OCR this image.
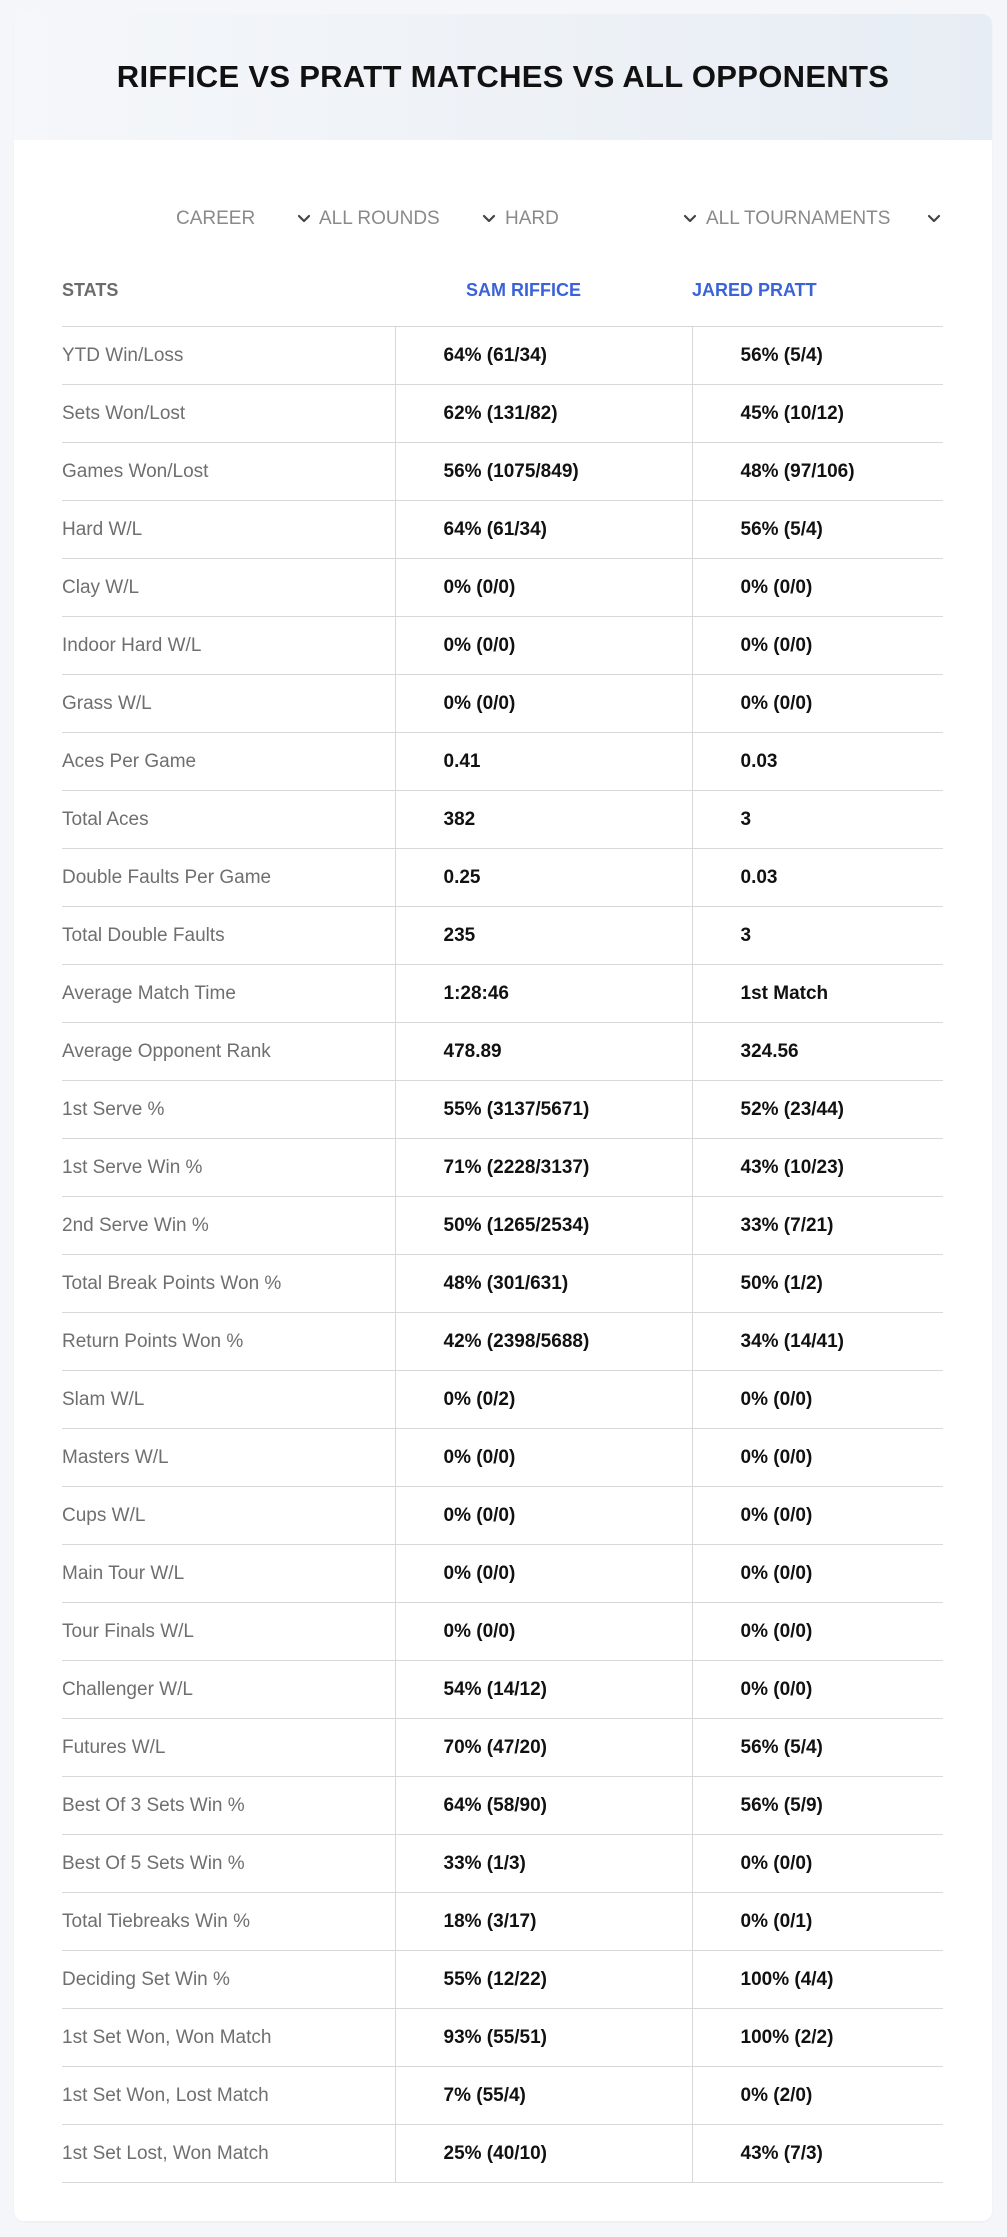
RIFFICE VS PRATT MATCHES VS ALL OPPONENTS
CAREER	ALL ROUNDS	HARD	ALL TOURNAMENTS
STATS	SAM RIFFICE	JARED PRATT
YTD Win/Loss	64% (61/34)	56% (5/4)
Sets Won/Lost	62% (131/82)	45% (10/12)
Games Won/Lost	56% (1075/849)	48% (97/106)
Hard W/L	64% (61/34)	56% (5/4)
Clay W/L	0% (0/0)	0% (0/0)
Indoor Hard W/L	0% (0/0)	0% (0/0)
Grass W/L	0% (0/0)	0% (0/0)
Aces Per Game	0.41	0.03
Total Aces	382	3
Double Faults Per Game	0.25	0.03
Total Double Faults	235	3
Average Match Time	1:28:46	1st Match
Average Opponent Rank	478.89	324.56
1st Serve %	55% (3137/5671)	52% (23/44)
1st Serve Win %	71% (2228/3137)	43% (10/23)
2nd Serve Win %	50% (1265/2534)	33% (7/21)
Total Break Points Won %	48% (301/631)	50% (1/2)
Return Points Won %	42% (2398/5688)	34% (14/41)
Slam W/L	0% (0/2)	0% (0/0)
Masters W/L	0% (0/0)	0% (0/0)
Cups W/L	0% (0/0)	0% (0/0)
Main Tour W/L	0% (0/0)	0% (0/0)
Tour Finals W/L	0% (0/0)	0% (0/0)
Challenger W/L	54% (14/12)	0% (0/0)
Futures W/L	70% (47/20)	56% (5/4)
Best Of 3 Sets Win %	64% (58/90)	56% (5/9)
Best Of 5 Sets Win %	33% (1/3)	0% (0/0)
Total Tiebreaks Win %	18% (3/17)	0% (0/1)
Deciding Set Win %	55% (12/22)	100% (4/4)
1st Set Won, Won Match	93% (55/51)	100% (2/2)
1st Set Won, Lost Match	7% (55/4)	0% (2/0)
1st Set Lost, Won Match	25% (40/10)	43% (7/3)
